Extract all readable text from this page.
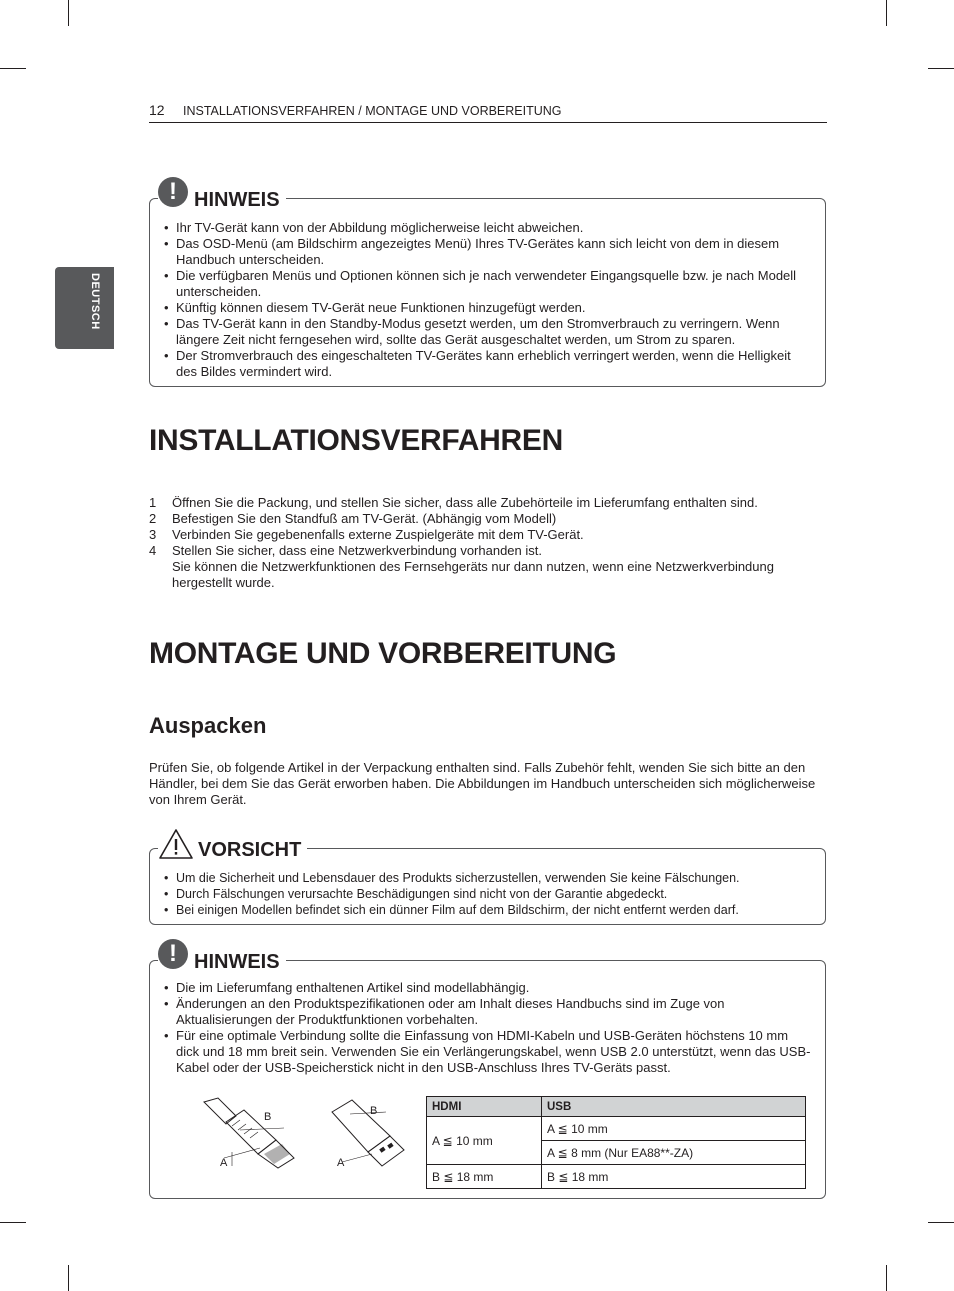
12 INSTALLATIONSVERFAHREN / MONTAGE UND VORBEREITUNG
DEUTSCH
! HINWEIS
• Ihr TV-Gerät kann von der Abbildung möglicherweise leicht abweichen.
• Das OSD-Menü (am Bildschirm angezeigtes Menü) Ihres TV-Gerätes kann sich leicht von dem in diesem Handbuch unterscheiden.
• Die verfügbaren Menüs und Optionen können sich je nach verwendeter Eingangsquelle bzw. je nach Modell unterscheiden.
• Künftig können diesem TV-Gerät neue Funktionen hinzugefügt werden.
• Das TV-Gerät kann in den Standby-Modus gesetzt werden, um den Stromverbrauch zu verringern. Wenn längere Zeit nicht ferngesehen wird, sollte das Gerät ausgeschaltet werden, um Strom zu sparen.
• Der Stromverbrauch des eingeschalteten TV-Gerätes kann erheblich verringert werden, wenn die Helligkeit des Bildes vermindert wird.
INSTALLATIONSVERFAHREN
1 Öffnen Sie die Packung, und stellen Sie sicher, dass alle Zubehörteile im Lieferumfang enthalten sind.
2 Befestigen Sie den Standfuß am TV-Gerät. (Abhängig vom Modell)
3 Verbinden Sie gegebenenfalls externe Zuspielgeräte mit dem TV-Gerät.
4 Stellen Sie sicher, dass eine Netzwerkverbindung vorhanden ist.
Sie können die Netzwerkfunktionen des Fernsehgeräts nur dann nutzen, wenn eine Netzwerkverbindung hergestellt wurde.
MONTAGE UND VORBEREITUNG
Auspacken

Prüfen Sie, ob folgende Artikel in der Verpackung enthalten sind. Falls Zubehör fehlt, wenden Sie sich bitte an den Händler, bei dem Sie das Gerät erworben haben. Die Abbildungen im Handbuch unterscheiden sich möglicherweise von Ihrem Gerät.

VORSICHT
• Um die Sicherheit und Lebensdauer des Produkts sicherzustellen, verwenden Sie keine Fälschungen.
• Durch Fälschungen verursachte Beschädigungen sind nicht von der Garantie abgedeckt.
• Bei einigen Modellen befindet sich ein dünner Film auf dem Bildschirm, der nicht entfernt werden darf.
! HINWEIS
• Die im Lieferumfang enthaltenen Artikel sind modellabhängig.
• Änderungen an den Produktspezifikationen oder am Inhalt dieses Handbuchs sind im Zuge von Aktualisierungen der Produktfunktionen vorbehalten.
• Für eine optimale Verbindung sollte die Einfassung von HDMI-Kabeln und USB-Geräten höchstens 10 mm dick und 18 mm breit sein. Verwenden Sie ein Verlängerungskabel, wenn USB 2.0 unterstützt, wenn das USB-Kabel oder der USB-Speicherstick nicht in den USB-Anschluss Ihres TV-Geräts passt.
B
A
B
A
HDMI	USB
A ≦ 10 mm	A ≦ 10 mm
	A ≦ 8 mm (Nur EA88**-ZA)
B ≦ 18 mm	B ≦ 18 mm
